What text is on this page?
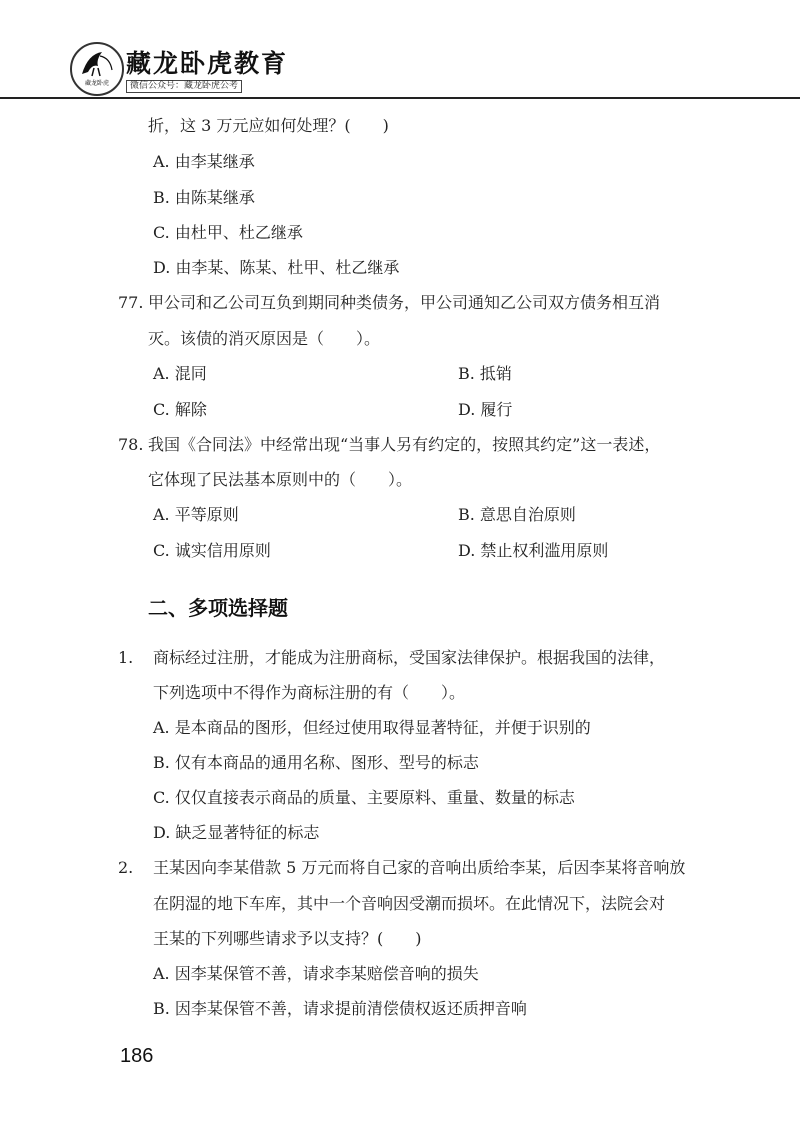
藏龙卧虎
藏龙卧虎教育
微信公众号：藏龙卧虎公考
折，这 3 万元应如何处理？(　　)
A. 由李某继承
B. 由陈某继承
C. 由杜甲、杜乙继承
D. 由李某、陈某、杜甲、杜乙继承
77. 甲公司和乙公司互负到期同种类债务，甲公司通知乙公司双方债务相互消
灭。该债的消灭原因是（　　）。
A. 混同	B. 抵销
C. 解除	D. 履行
78. 我国《合同法》中经常出现“当事人另有约定的，按照其约定”这一表述，
它体现了民法基本原则中的（　　）。
A. 平等原则	B. 意思自治原则
C. 诚实信用原则	D. 禁止权利滥用原则
二、多项选择题
1. 商标经过注册，才能成为注册商标，受国家法律保护。根据我国的法律，
下列选项中不得作为商标注册的有（　　）。
A. 是本商品的图形，但经过使用取得显著特征，并便于识别的
B. 仅有本商品的通用名称、图形、型号的标志
C. 仅仅直接表示商品的质量、主要原料、重量、数量的标志
D. 缺乏显著特征的标志
2. 王某因向李某借款 5 万元而将自己家的音响出质给李某，后因李某将音响放
在阴湿的地下车库，其中一个音响因受潮而损坏。在此情况下，法院会对
王某的下列哪些请求予以支持？(　　)
A. 因李某保管不善，请求李某赔偿音响的损失
B. 因李某保管不善，请求提前清偿债权返还质押音响
186
